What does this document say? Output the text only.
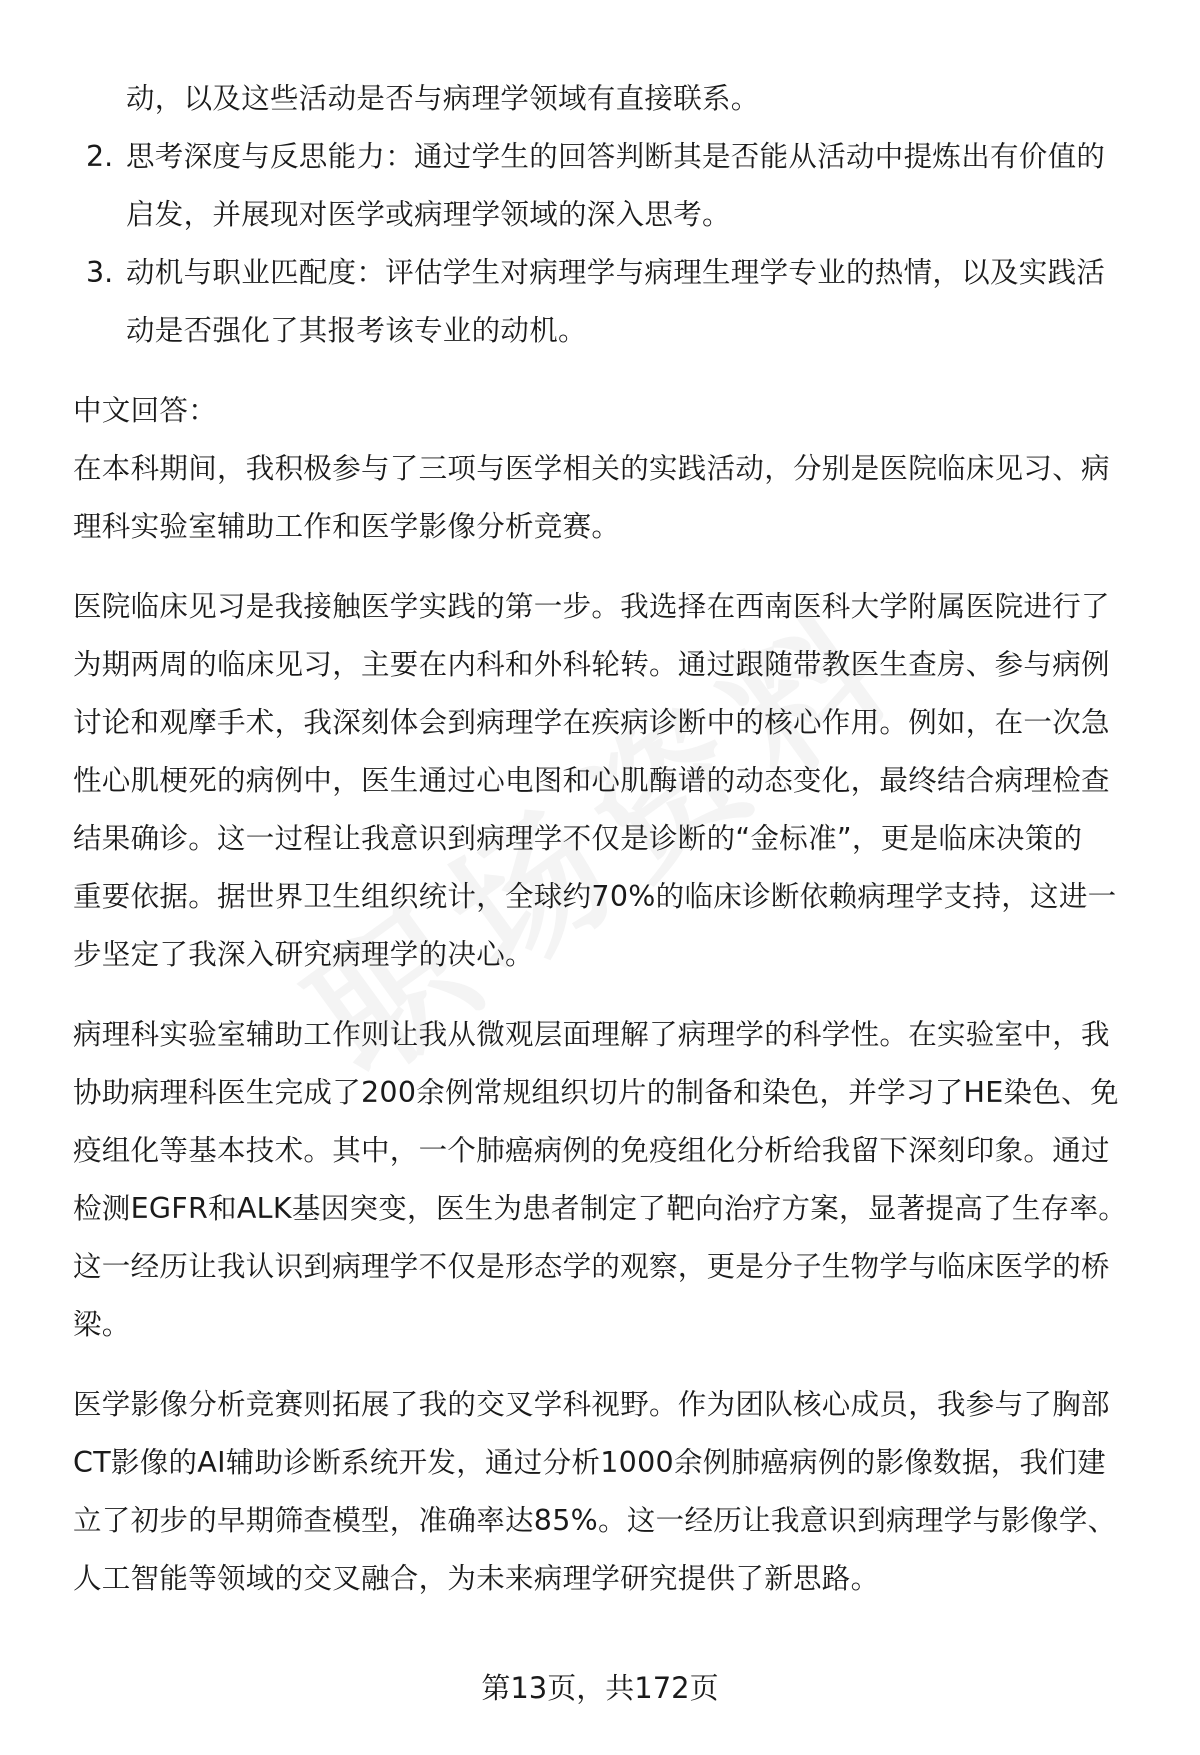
动，以及这些活动是否与病理学领域有直接联系。
2. 思考深度与反思能力：通过学生的回答判断其是否能从活动中提炼出有价值的
启发，并展现对医学或病理学领域的深入思考。
3. 动机与职业匹配度：评估学生对病理学与病理生理学专业的热情，以及实践活
动是否强化了其报考该专业的动机。
中文回答：
在本科期间，我积极参与了三项与医学相关的实践活动，分别是医院临床见习、病
理科实验室辅助工作和医学影像分析竞赛。
医院临床见习是我接触医学实践的第一步。我选择在西南医科大学附属医院进行了
为期两周的临床见习，主要在内科和外科轮转。通过跟随带教医生查房、参与病例
讨论和观摩手术，我深刻体会到病理学在疾病诊断中的核心作用。例如，在一次急
性心肌梗死的病例中，医生通过心电图和心肌酶谱的动态变化，最终结合病理检查
结果确诊。这一过程让我意识到病理学不仅是诊断的“金标准”，更是临床决策的
重要依据。据世界卫生组织统计，全球约70%的临床诊断依赖病理学支持，这进一
步坚定了我深入研究病理学的决心。
病理科实验室辅助工作则让我从微观层面理解了病理学的科学性。在实验室中，我
协助病理科医生完成了200余例常规组织切片的制备和染色，并学习了HE染色、免
疫组化等基本技术。其中，一个肺癌病例的免疫组化分析给我留下深刻印象。通过
检测EGFR和ALK基因突变，医生为患者制定了靶向治疗方案，显著提高了生存率。
这一经历让我认识到病理学不仅是形态学的观察，更是分子生物学与临床医学的桥
梁。
医学影像分析竞赛则拓展了我的交叉学科视野。作为团队核心成员，我参与了胸部
CT影像的AI辅助诊断系统开发，通过分析1000余例肺癌病例的影像数据，我们建
立了初步的早期筛查模型，准确率达85%。这一经历让我意识到病理学与影像学、
人工智能等领域的交叉融合，为未来病理学研究提供了新思路。
第13页，共172页
